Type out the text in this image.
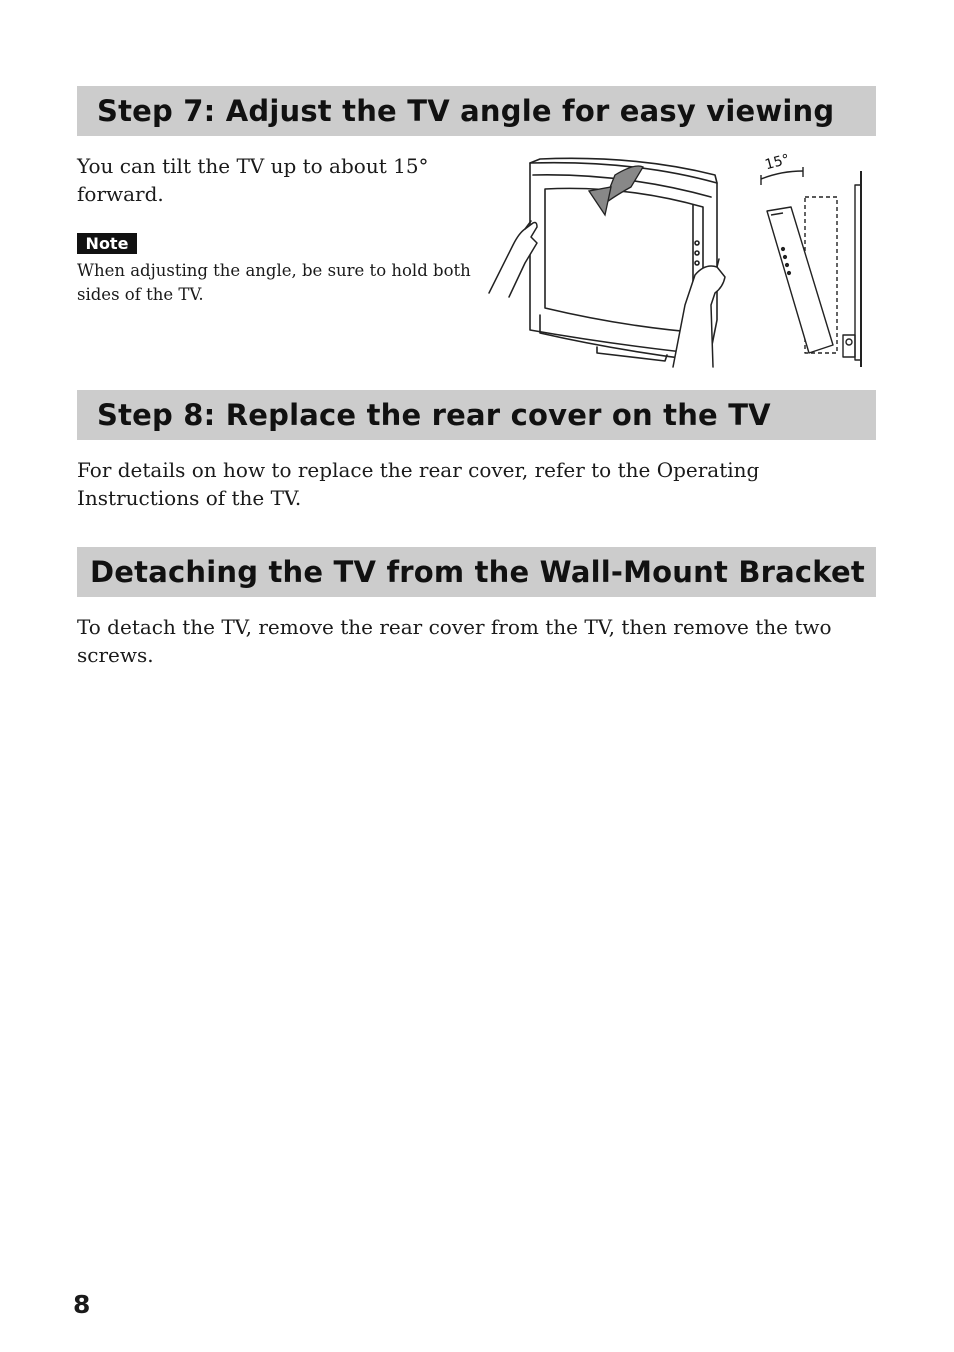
Step 7: Adjust the TV angle for easy viewing

You can tilt the TV up to about 15° forward.

Note

When adjusting the angle, be sure to hold both sides of the TV.

15°
Step 8: Replace the rear cover on the TV

For details on how to replace the rear cover, refer to the Operating Instructions of the TV.

Detaching the TV from the Wall-Mount Bracket

To detach the TV, remove the rear cover from the TV, then remove the two screws.

8
